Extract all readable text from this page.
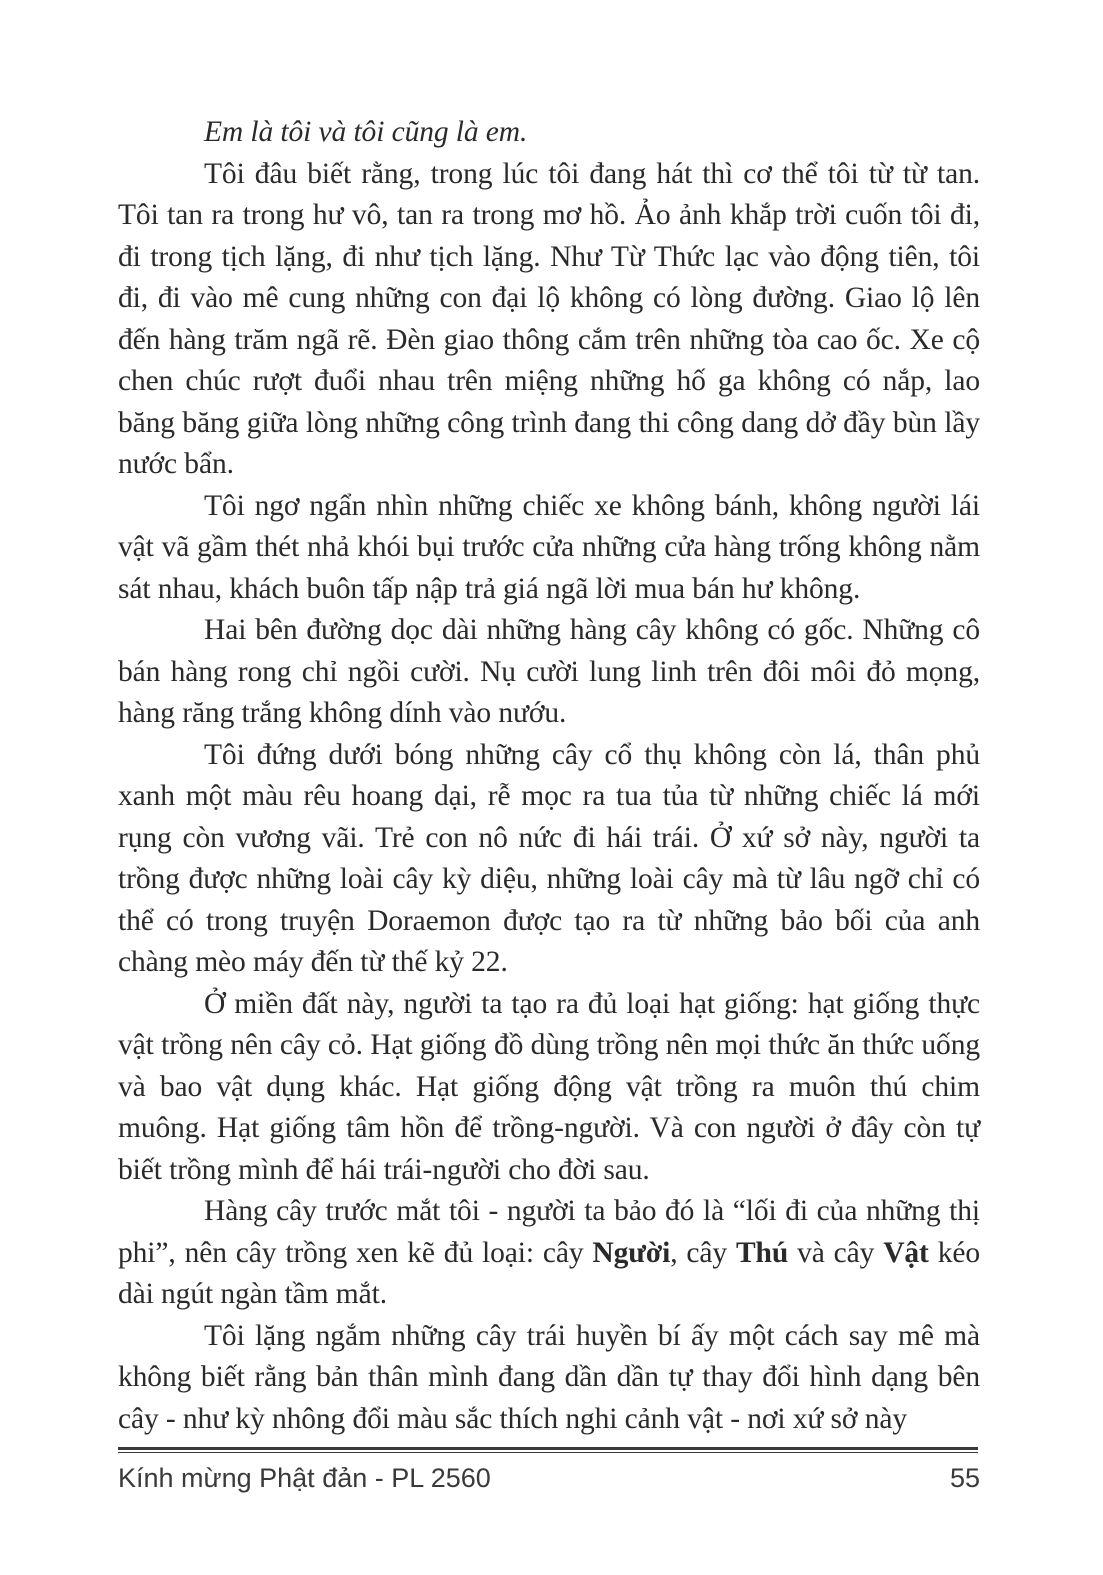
Em là tôi và tôi cũng là em.

Tôi đâu biết rằng, trong lúc tôi đang hát thì cơ thể tôi từ từ tan. Tôi tan ra trong hư vô, tan ra trong mơ hồ. Ảo ảnh khắp trời cuốn tôi đi, đi trong tịch lặng, đi như tịch lặng. Như Từ Thức lạc vào động tiên, tôi đi, đi vào mê cung những con đại lộ không có lòng đường. Giao lộ lên đến hàng trăm ngã rẽ. Đèn giao thông cắm trên những tòa cao ốc. Xe cộ chen chúc rượt đuổi nhau trên miệng những hố ga không có nắp, lao băng băng giữa lòng những công trình đang thi công dang dở đầy bùn lầy nước bẩn.

Tôi ngơ ngẩn nhìn những chiếc xe không bánh, không người lái vật vã gầm thét nhả khói bụi trước cửa những cửa hàng trống không nằm sát nhau, khách buôn tấp nập trả giá ngã lời mua bán hư không.

Hai bên đường dọc dài những hàng cây không có gốc. Những cô bán hàng rong chỉ ngồi cười. Nụ cười lung linh trên đôi môi đỏ mọng, hàng răng trắng không dính vào nướu.

Tôi đứng dưới bóng những cây cổ thụ không còn lá, thân phủ xanh một màu rêu hoang dại, rễ mọc ra tua tủa từ những chiếc lá mới rụng còn vương vãi. Trẻ con nô nức đi hái trái. Ở xứ sở này, người ta trồng được những loài cây kỳ diệu, những loài cây mà từ lâu ngỡ chỉ có thể có trong truyện Doraemon được tạo ra từ những bảo bối của anh chàng mèo máy đến từ thế kỷ 22.

Ở miền đất này, người ta tạo ra đủ loại hạt giống: hạt giống thực vật trồng nên cây cỏ. Hạt giống đồ dùng trồng nên mọi thức ăn thức uống và bao vật dụng khác. Hạt giống động vật trồng ra muôn thú chim muông. Hạt giống tâm hồn để trồng-người. Và con người ở đây còn tự biết trồng mình để hái trái-người cho đời sau.

Hàng cây trước mắt tôi - người ta bảo đó là “lối đi của những thị phi”, nên cây trồng xen kẽ đủ loại: cây Người, cây Thú và cây Vật kéo dài ngút ngàn tầm mắt.

Tôi lặng ngắm những cây trái huyền bí ấy một cách say mê mà không biết rằng bản thân mình đang dần dần tự thay đổi hình dạng bên cây - như kỳ nhông đổi màu sắc thích nghi cảnh vật - nơi xứ sở này

Kính mừng Phật đản - PL 2560	55
